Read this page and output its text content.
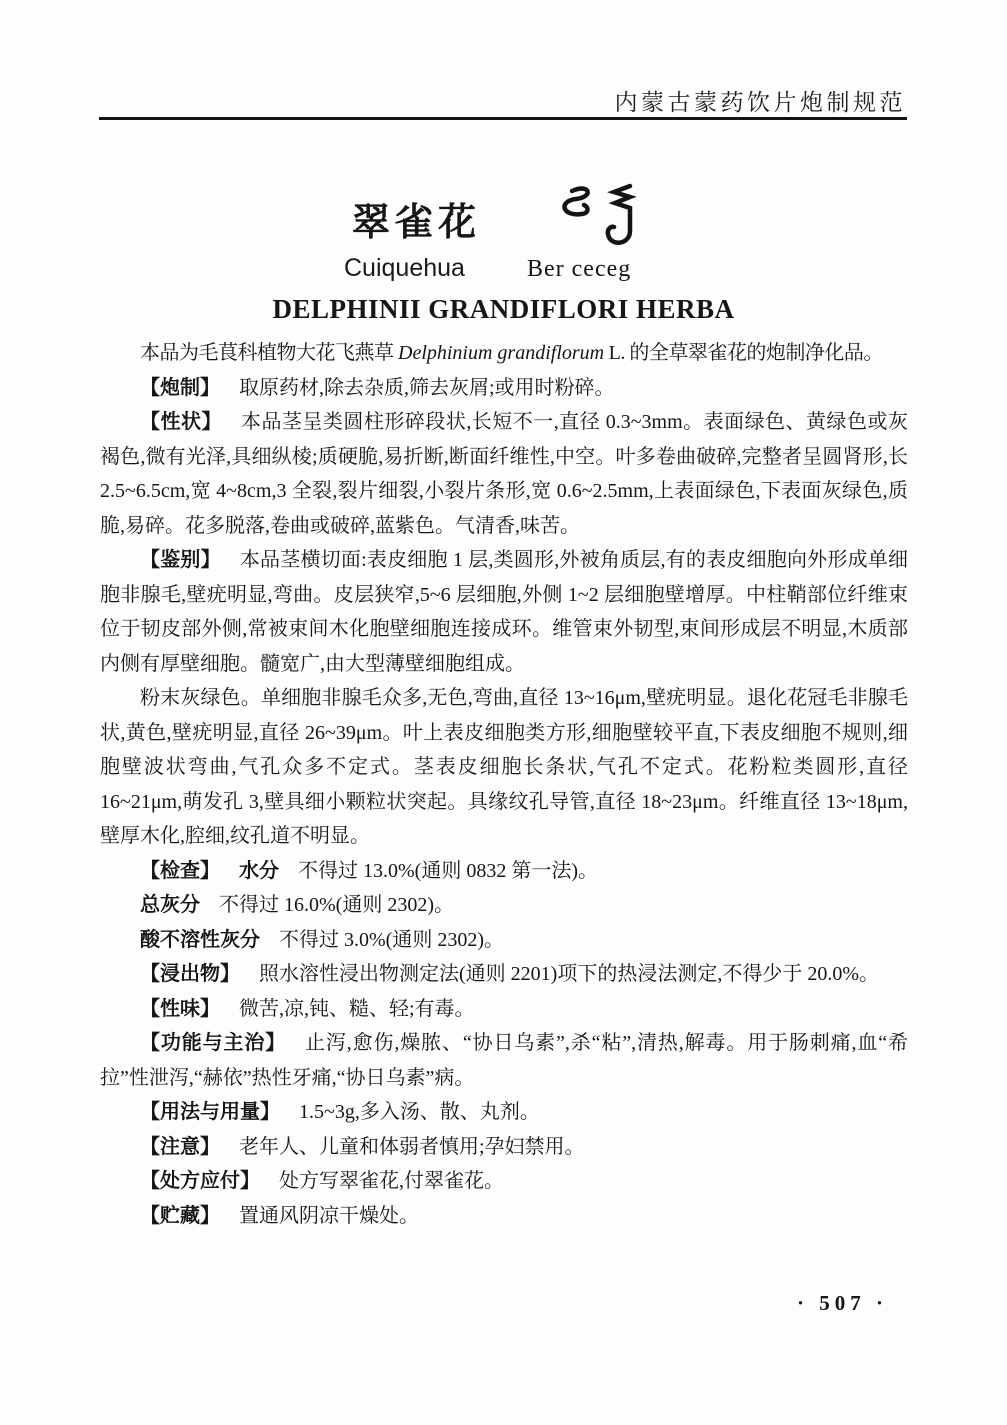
内蒙古蒙药饮片炮制规范
翠雀花
Cuiquehua	Ber ceceg
DELPHINII GRANDIFLORI HERBA

本品为毛茛科植物大花飞燕草 Delphinium grandiflorum L. 的全草翠雀花的炮制净化品。

【炮制】 取原药材,除去杂质,筛去灰屑;或用时粉碎。

【性状】 本品茎呈类圆柱形碎段状,长短不一,直径 0.3~3mm。表面绿色、黄绿色或灰褐色,微有光泽,具细纵棱;质硬脆,易折断,断面纤维性,中空。叶多卷曲破碎,完整者呈圆肾形,长 2.5~6.5cm,宽 4~8cm,3 全裂,裂片细裂,小裂片条形,宽 0.6~2.5mm,上表面绿色,下表面灰绿色,质脆,易碎。花多脱落,卷曲或破碎,蓝紫色。气清香,味苦。

【鉴别】 本品茎横切面:表皮细胞 1 层,类圆形,外被角质层,有的表皮细胞向外形成单细胞非腺毛,壁疣明显,弯曲。皮层狭窄,5~6 层细胞,外侧 1~2 层细胞壁增厚。中柱鞘部位纤维束位于韧皮部外侧,常被束间木化胞壁细胞连接成环。维管束外韧型,束间形成层不明显,木质部内侧有厚壁细胞。髓宽广,由大型薄壁细胞组成。

粉末灰绿色。单细胞非腺毛众多,无色,弯曲,直径 13~16μm,壁疣明显。退化花冠毛非腺毛状,黄色,壁疣明显,直径 26~39μm。叶上表皮细胞类方形,细胞壁较平直,下表皮细胞不规则,细胞壁波状弯曲,气孔众多不定式。茎表皮细胞长条状,气孔不定式。花粉粒类圆形,直径 16~21μm,萌发孔 3,壁具细小颗粒状突起。具缘纹孔导管,直径 18~23μm。纤维直径 13~18μm,壁厚木化,腔细,纹孔道不明显。

【检查】 水分 不得过 13.0%(通则 0832 第一法)。

总灰分 不得过 16.0%(通则 2302)。

酸不溶性灰分 不得过 3.0%(通则 2302)。

【浸出物】 照水溶性浸出物测定法(通则 2201)项下的热浸法测定,不得少于 20.0%。

【性味】 微苦,凉,钝、糙、轻;有毒。

【功能与主治】 止泻,愈伤,燥脓、“协日乌素”,杀“粘”,清热,解毒。用于肠刺痛,血“希拉”性泄泻,“赫依”热性牙痛,“协日乌素”病。

【用法与用量】 1.5~3g,多入汤、散、丸剂。

【注意】 老年人、儿童和体弱者慎用;孕妇禁用。

【处方应付】 处方写翠雀花,付翠雀花。

【贮藏】 置通风阴凉干燥处。

· 507 ·
